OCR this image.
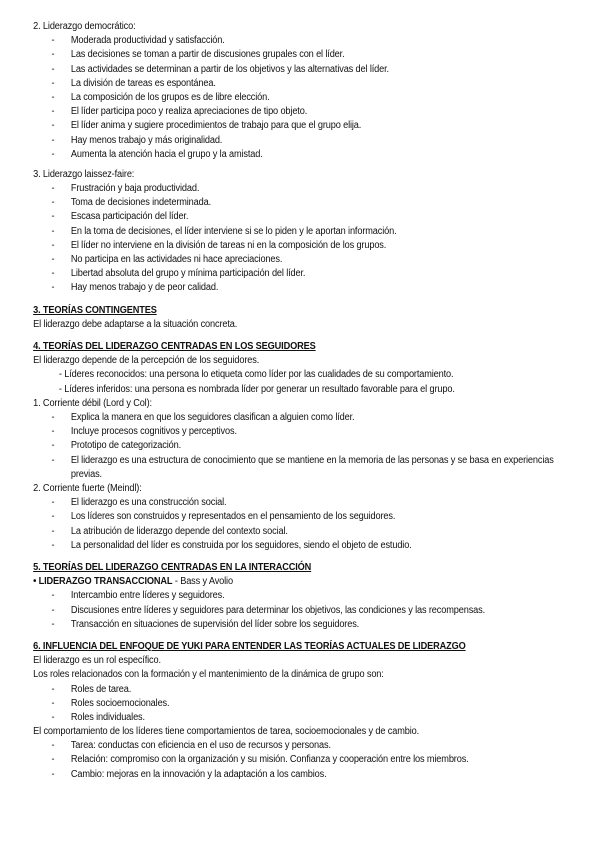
2. Liderazgo democrático:
- Moderada productividad y satisfacción.
- Las decisiones se toman a partir de discusiones grupales con el líder.
- Las actividades se determinan a partir de los objetivos y las alternativas del líder.
- La división de tareas es espontánea.
- La composición de los grupos es de libre elección.
- El líder participa poco y realiza apreciaciones de tipo objeto.
- El líder anima y sugiere procedimientos de trabajo para que el grupo elija.
- Hay menos trabajo y más originalidad.
- Aumenta la atención hacia el grupo y la amistad.
3. Liderazgo laissez-faire:
- Frustración y baja productividad.
- Toma de decisiones indeterminada.
- Escasa participación del líder.
- En la toma de decisiones, el líder interviene si se lo piden y le aportan información.
- El líder no interviene en la división de tareas ni en la composición de los grupos.
- No participa en las actividades ni hace apreciaciones.
- Libertad absoluta del grupo y mínima participación del líder.
- Hay menos trabajo y de peor calidad.
3. TEORÍAS CONTINGENTES
El liderazgo debe adaptarse a la situación concreta.
4. TEORÍAS DEL LIDERAZGO CENTRADAS EN LOS SEGUIDORES
El liderazgo depende de la percepción de los seguidores.
- Líderes reconocidos: una persona lo etiqueta como líder por las cualidades de su comportamiento.
- Líderes inferidos: una persona es nombrada líder por generar un resultado favorable para el grupo.
1. Corriente débil (Lord y Col):
- Explica la manera en que los seguidores clasifican a alguien como líder.
- Incluye procesos cognitivos y perceptivos.
- Prototipo de categorización.
- El liderazgo es una estructura de conocimiento que se mantiene en la memoria de las personas y se basa en experiencias previas.
2. Corriente fuerte (Meindl):
- El liderazgo es una construcción social.
- Los líderes son construidos y representados en el pensamiento de los seguidores.
- La atribución de liderazgo depende del contexto social.
- La personalidad del líder es construida por los seguidores, siendo el objeto de estudio.
5. TEORÍAS DEL LIDERAZGO CENTRADAS EN LA INTERACCIÓN
• LIDERAZGO TRANSACCIONAL - Bass y Avolio
- Intercambio entre líderes y seguidores.
- Discusiones entre líderes y seguidores para determinar los objetivos, las condiciones y las recompensas.
- Transacción en situaciones de supervisión del líder sobre los seguidores.
6. INFLUENCIA DEL ENFOQUE DE YUKI PARA ENTENDER LAS TEORÍAS ACTUALES DE LIDERAZGO
El liderazgo es un rol específico.
Los roles relacionados con la formación y el mantenimiento de la dinámica de grupo son:
- Roles de tarea.
- Roles socioemocionales.
- Roles individuales.
El comportamiento de los líderes tiene comportamientos de tarea, socioemocionales y de cambio.
- Tarea: conductas con eficiencia en el uso de recursos y personas.
- Relación: compromiso con la organización y su misión. Confianza y cooperación entre los miembros.
- Cambio: mejoras en la innovación y la adaptación a los cambios.
